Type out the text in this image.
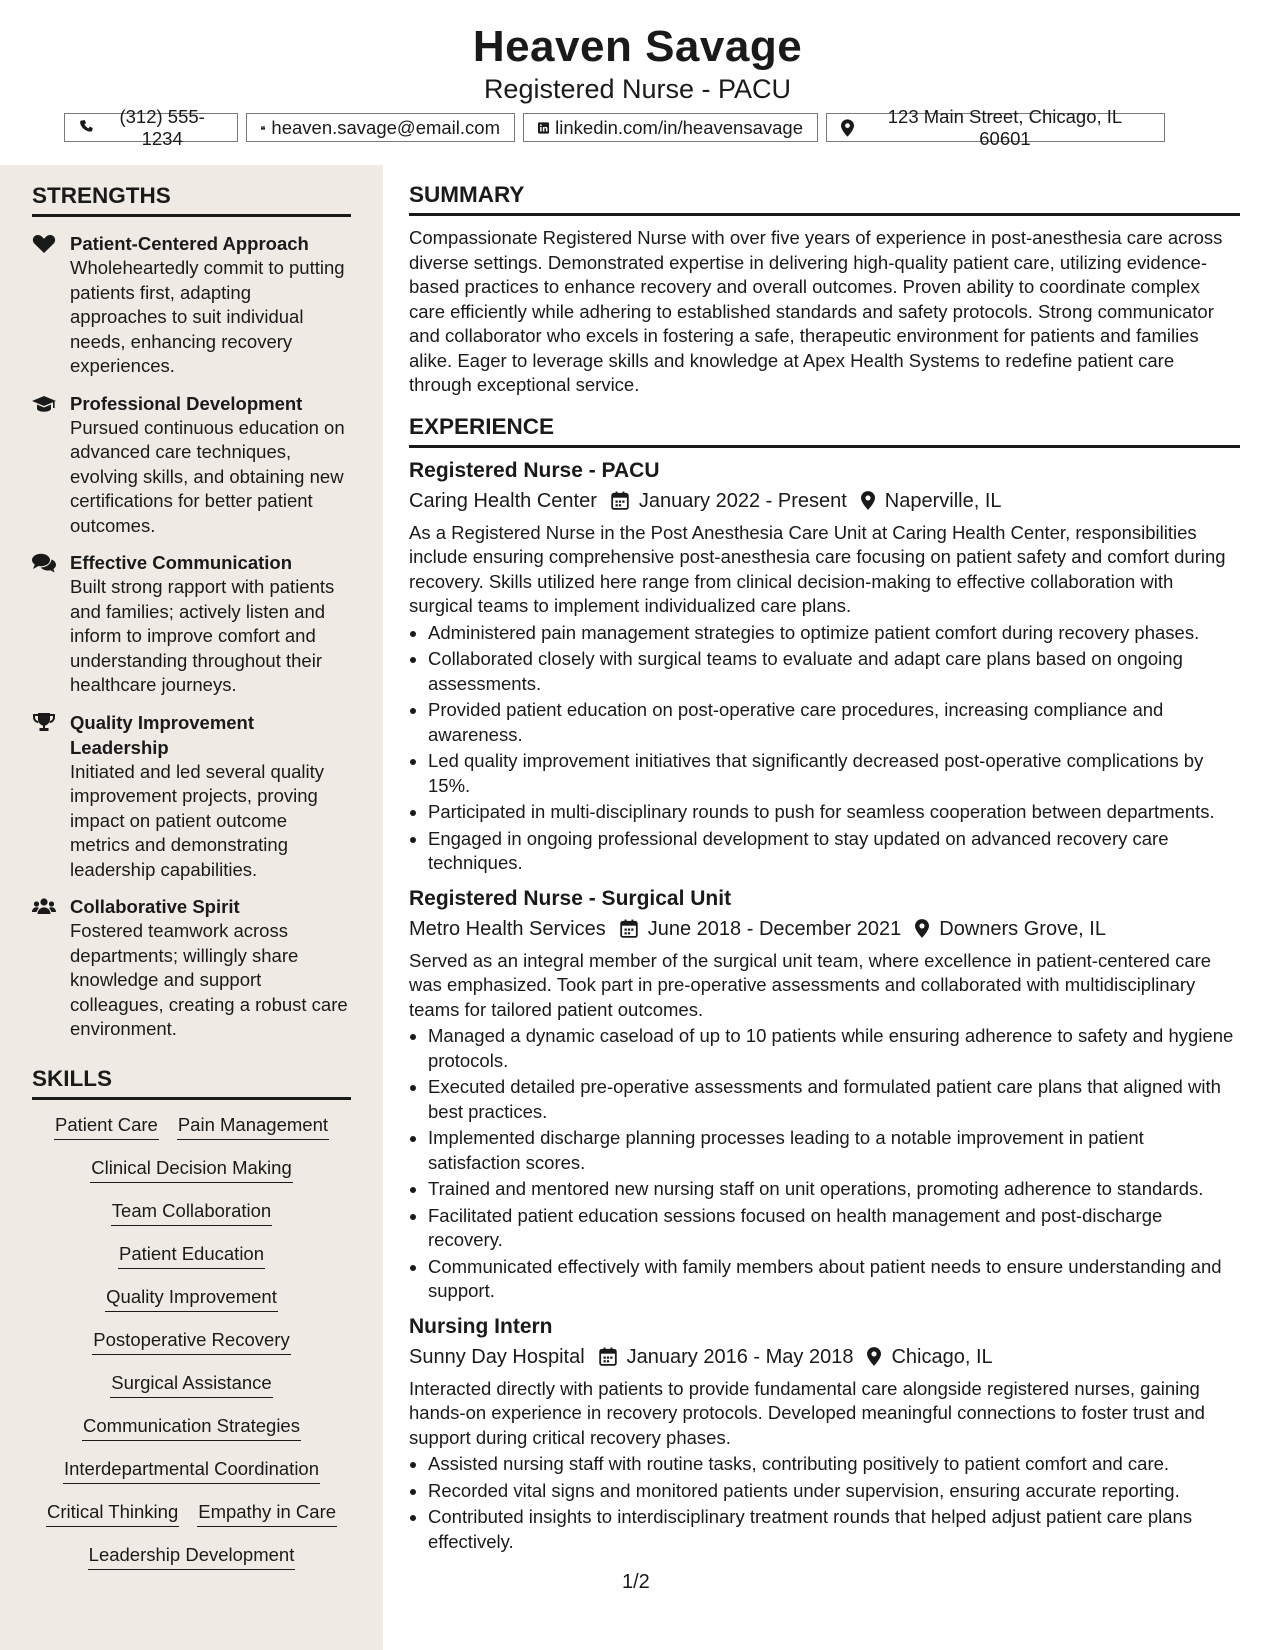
Heaven Savage
Registered Nurse - PACU
(312) 555-1234
heaven.savage@email.com	linkedin.com/in/heavensavage
123 Main Street, Chicago, IL 60601
STRENGTHS
Patient-Centered Approach
Wholeheartedly commit to putting patients first, adapting approaches to suit individual needs, enhancing recovery experiences.
Professional Development
Pursued continuous education on advanced care techniques, evolving skills, and obtaining new certifications for better patient outcomes.
Effective Communication
Built strong rapport with patients and families; actively listen and inform to improve comfort and understanding throughout their healthcare journeys.
Quality Improvement Leadership
Initiated and led several quality improvement projects, proving impact on patient outcome metrics and demonstrating leadership capabilities.
Collaborative Spirit
Fostered teamwork across departments; willingly share knowledge and support colleagues, creating a robust care environment.
SKILLS
Patient Care Pain Management
Clinical Decision Making
Team Collaboration
Patient Education
Quality Improvement
Postoperative Recovery
Surgical Assistance
Communication Strategies
Interdepartmental Coordination
Critical Thinking Empathy in Care
Leadership Development
SUMMARY

Compassionate Registered Nurse with over five years of experience in post-anesthesia care across diverse settings. Demonstrated expertise in delivering high-quality patient care, utilizing evidence-based practices to enhance recovery and overall outcomes. Proven ability to coordinate complex care efficiently while adhering to established standards and safety protocols. Strong communicator and collaborator who excels in fostering a safe, therapeutic environment for patients and families alike. Eager to leverage skills and knowledge at Apex Health Systems to redefine patient care through exceptional service.

EXPERIENCE
Registered Nurse - PACU
Caring Health Center January 2022 - Present Naperville, IL
As a Registered Nurse in the Post Anesthesia Care Unit at Caring Health Center, responsibilities include ensuring comprehensive post-anesthesia care focusing on patient safety and comfort during recovery. Skills utilized here range from clinical decision-making to effective collaboration with surgical teams to implement individualized care plans.
• Administered pain management strategies to optimize patient comfort during recovery phases.
• Collaborated closely with surgical teams to evaluate and adapt care plans based on ongoing assessments.
• Provided patient education on post-operative care procedures, increasing compliance and awareness.
• Led quality improvement initiatives that significantly decreased post-operative complications by 15%.
• Participated in multi-disciplinary rounds to push for seamless cooperation between departments.
• Engaged in ongoing professional development to stay updated on advanced recovery care techniques.
Registered Nurse - Surgical Unit
Metro Health Services June 2018 - December 2021 Downers Grove, IL
Served as an integral member of the surgical unit team, where excellence in patient-centered care was emphasized. Took part in pre-operative assessments and collaborated with multidisciplinary teams for tailored patient outcomes.
• Managed a dynamic caseload of up to 10 patients while ensuring adherence to safety and hygiene protocols.
• Executed detailed pre-operative assessments and formulated patient care plans that aligned with best practices.
• Implemented discharge planning processes leading to a notable improvement in patient satisfaction scores.
• Trained and mentored new nursing staff on unit operations, promoting adherence to standards.
• Facilitated patient education sessions focused on health management and post-discharge recovery.
• Communicated effectively with family members about patient needs to ensure understanding and support.
Nursing Intern
Sunny Day Hospital January 2016 - May 2018 Chicago, IL
Interacted directly with patients to provide fundamental care alongside registered nurses, gaining hands-on experience in recovery protocols. Developed meaningful connections to foster trust and support during critical recovery phases.
• Assisted nursing staff with routine tasks, contributing positively to patient comfort and care.
• Recorded vital signs and monitored patients under supervision, ensuring accurate reporting.
• Contributed insights to interdisciplinary treatment rounds that helped adjust patient care plans effectively.
1/2
